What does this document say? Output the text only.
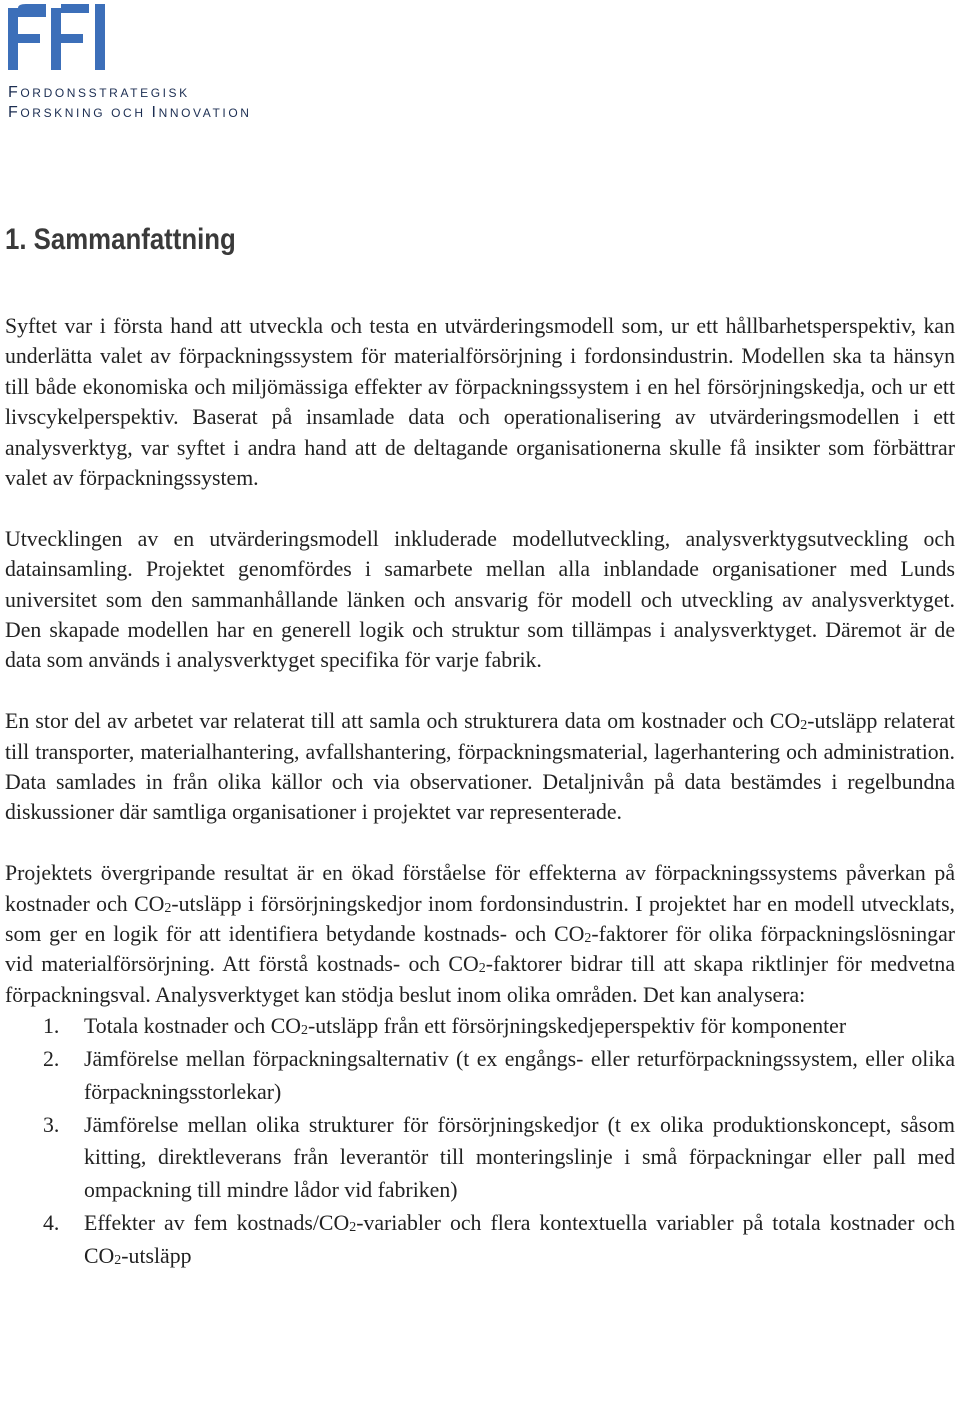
FORDONSSTRATEGISK
FORSKNING OCH INNOVATION
1. Sammanfattning

Syftet var i första hand att utveckla och testa en utvärderingsmodell som, ur ett hållbarhetsperspektiv, kan underlätta valet av förpackningssystem för materialförsörjning i fordonsindustrin. Modellen ska ta hänsyn till både ekonomiska och miljömässiga effekter av förpackningssystem i en hel försörjningskedja, och ur ett livscykelperspektiv. Baserat på insamlade data och operationalisering av utvärderingsmodellen i ett analysverktyg, var syftet i andra hand att de deltagande organisationerna skulle få insikter som förbättrar valet av förpackningssystem.

Utvecklingen av en utvärderingsmodell inkluderade modellutveckling, analysverktygsutveckling och datainsamling. Projektet genomfördes i samarbete mellan alla inblandade organisationer med Lunds universitet som den sammanhållande länken och ansvarig för modell och utveckling av analysverktyget. Den skapade modellen har en generell logik och struktur som tillämpas i analysverktyget. Däremot är de data som används i analysverktyget specifika för varje fabrik.

En stor del av arbetet var relaterat till att samla och strukturera data om kostnader och $CO_2$-utsläpp relaterat till transporter, materialhantering, avfallshantering, förpackningsmaterial, lagerhantering och administration. Data samlades in från olika källor och via observationer. Detaljnivån på data bestämdes i regelbundna diskussioner där samtliga organisationer i projektet var representerade.

Projektets övergripande resultat är en ökad förståelse för effekterna av förpackningssystems påverkan på kostnader och $CO_2$-utsläpp i försörjningskedjor inom fordonsindustrin. I projektet har en modell utvecklats, som ger en logik för att identifiera betydande kostnads- och $CO_2$-faktorer för olika förpackningslösningar vid materialförsörjning. Att förstå kostnads- och $CO_2$-faktorer bidrar till att skapa riktlinjer för medvetna förpackningsval. Analysverktyget kan stödja beslut inom olika områden. Det kan analysera:

1. Totala kostnader och $CO_2$-utsläpp från ett försörjningskedjeperspektiv för komponenter
2. Jämförelse mellan förpackningsalternativ (t ex engångs- eller returförpackningssystem, eller olika förpackningsstorlekar)
3. Jämförelse mellan olika strukturer för försörjningskedjor (t ex olika produktionskoncept, såsom kitting, direktleverans från leverantör till monteringslinje i små förpackningar eller pall med ompackning till mindre lådor vid fabriken)
4. Effekter av fem kostnads/$CO_2$-variabler och flera kontextuella variabler på totala kostnader och $CO_2$-utsläpp
